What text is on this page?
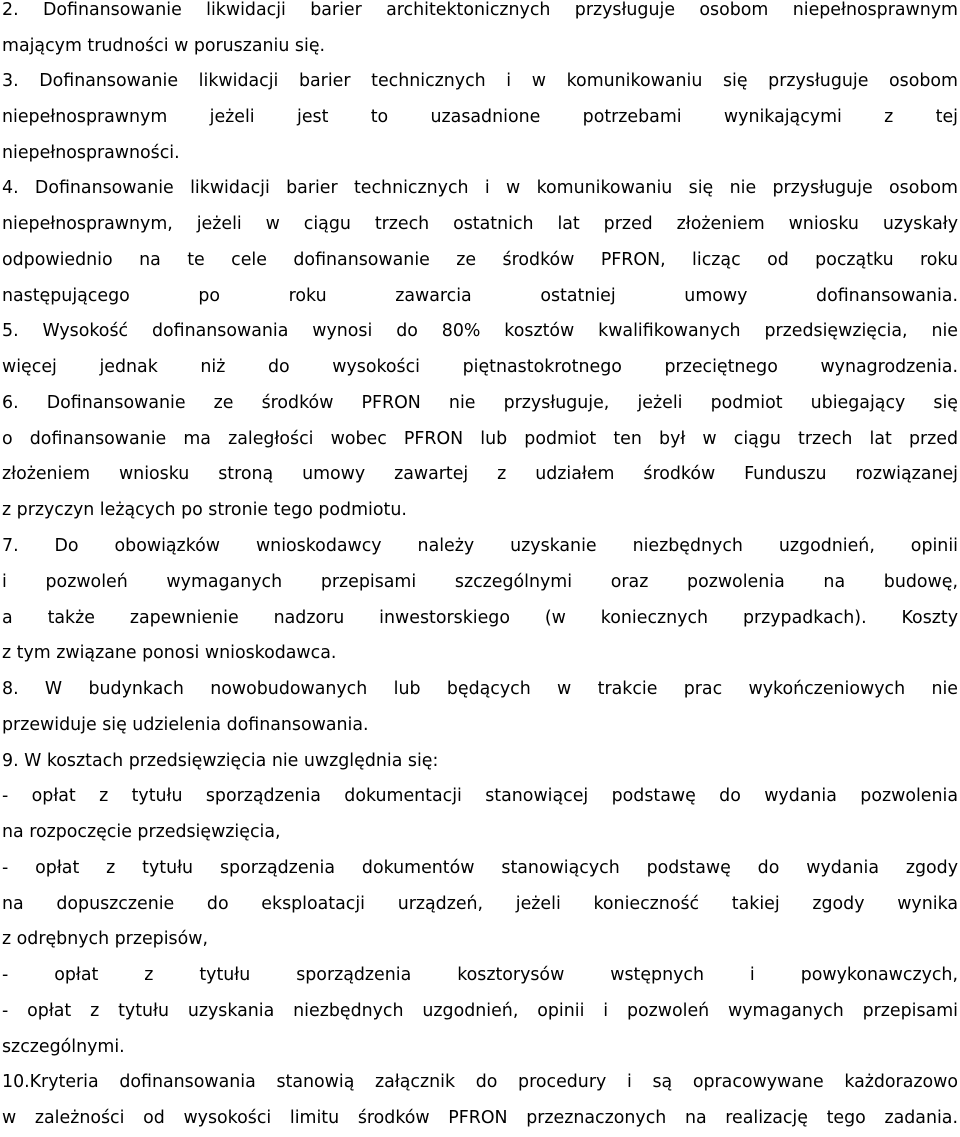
2. Dofinansowanie likwidacji barier architektonicznych przysługuje osobom niepełnosprawnym
mającym trudności w poruszaniu się.
3. Dofinansowanie likwidacji barier technicznych i w komunikowaniu się przysługuje osobom
niepełnosprawnym jeżeli jest to uzasadnione potrzebami wynikającymi z tej
niepełnosprawności.
4. Dofinansowanie likwidacji barier technicznych i w komunikowaniu się nie przysługuje osobom
niepełnosprawnym, jeżeli w ciągu trzech ostatnich lat przed złożeniem wniosku uzyskały
odpowiednio na te cele dofinansowanie ze środków PFRON, licząc od początku roku
następującego po roku zawarcia ostatniej umowy dofinansowania.
5. Wysokość dofinansowania wynosi do 80% kosztów kwalifikowanych przedsięwzięcia, nie
więcej jednak niż do wysokości piętnastokrotnego przeciętnego wynagrodzenia.
6. Dofinansowanie ze środków PFRON nie przysługuje, jeżeli podmiot ubiegający się
o dofinansowanie ma zaległości wobec PFRON lub podmiot ten był w ciągu trzech lat przed
złożeniem wniosku stroną umowy zawartej z udziałem środków Funduszu rozwiązanej
z przyczyn leżących po stronie tego podmiotu.
7. Do obowiązków wnioskodawcy należy uzyskanie niezbędnych uzgodnień, opinii
i pozwoleń wymaganych przepisami szczególnymi oraz pozwolenia na budowę,
a także zapewnienie nadzoru inwestorskiego (w koniecznych przypadkach). Koszty
z tym związane ponosi wnioskodawca.
8. W budynkach nowobudowanych lub będących w trakcie prac wykończeniowych nie
przewiduje się udzielenia dofinansowania.
9. W kosztach przedsięwzięcia nie uwzględnia się:
- opłat z tytułu sporządzenia dokumentacji stanowiącej podstawę do wydania pozwolenia
na rozpoczęcie przedsięwzięcia,
- opłat z tytułu sporządzenia dokumentów stanowiących podstawę do wydania zgody
na dopuszczenie do eksploatacji urządzeń, jeżeli konieczność takiej zgody wynika
z odrębnych przepisów,
- opłat z tytułu sporządzenia kosztorysów wstępnych i powykonawczych,
- opłat z tytułu uzyskania niezbędnych uzgodnień, opinii i pozwoleń wymaganych przepisami
szczególnymi.
10.Kryteria dofinansowania stanowią załącznik do procedury i są opracowywane każdorazowo
w zależności od wysokości limitu środków PFRON przeznaczonych na realizację tego zadania.
